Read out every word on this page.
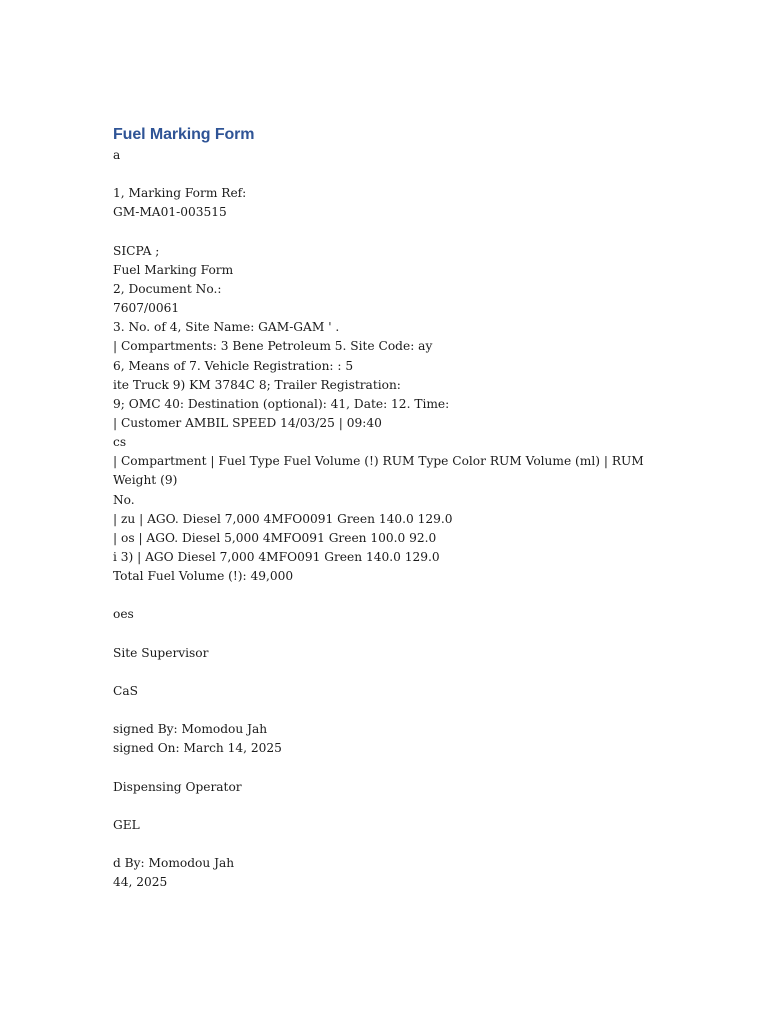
Fuel Marking Form
a
1, Marking Form Ref:
GM-MA01-003515
SICPA ;
Fuel Marking Form
2, Document No.:
7607/0061
3. No. of 4, Site Name: GAM-GAM ' .
| Compartments: 3 Bene Petroleum 5. Site Code: ay
6, Means of 7. Vehicle Registration: : 5
ite Truck 9) KM 3784C 8; Trailer Registration:
9; OMC 40: Destination (optional): 41, Date: 12. Time:
| Customer AMBIL SPEED 14/03/25 | 09:40
cs
| Compartment | Fuel Type Fuel Volume (!) RUM Type Color RUM Volume (ml) | RUM
Weight (9)
No.
| zu | AGO. Diesel 7,000 4MFO0091 Green 140.0 129.0
| os | AGO. Diesel 5,000 4MFO091 Green 100.0 92.0
i 3) | AGO Diesel 7,000 4MFO091 Green 140.0 129.0
Total Fuel Volume (!): 49,000
oes
Site Supervisor
CaS
signed By: Momodou Jah
signed On: March 14, 2025
Dispensing Operator
GEL
d By: Momodou Jah
44, 2025
